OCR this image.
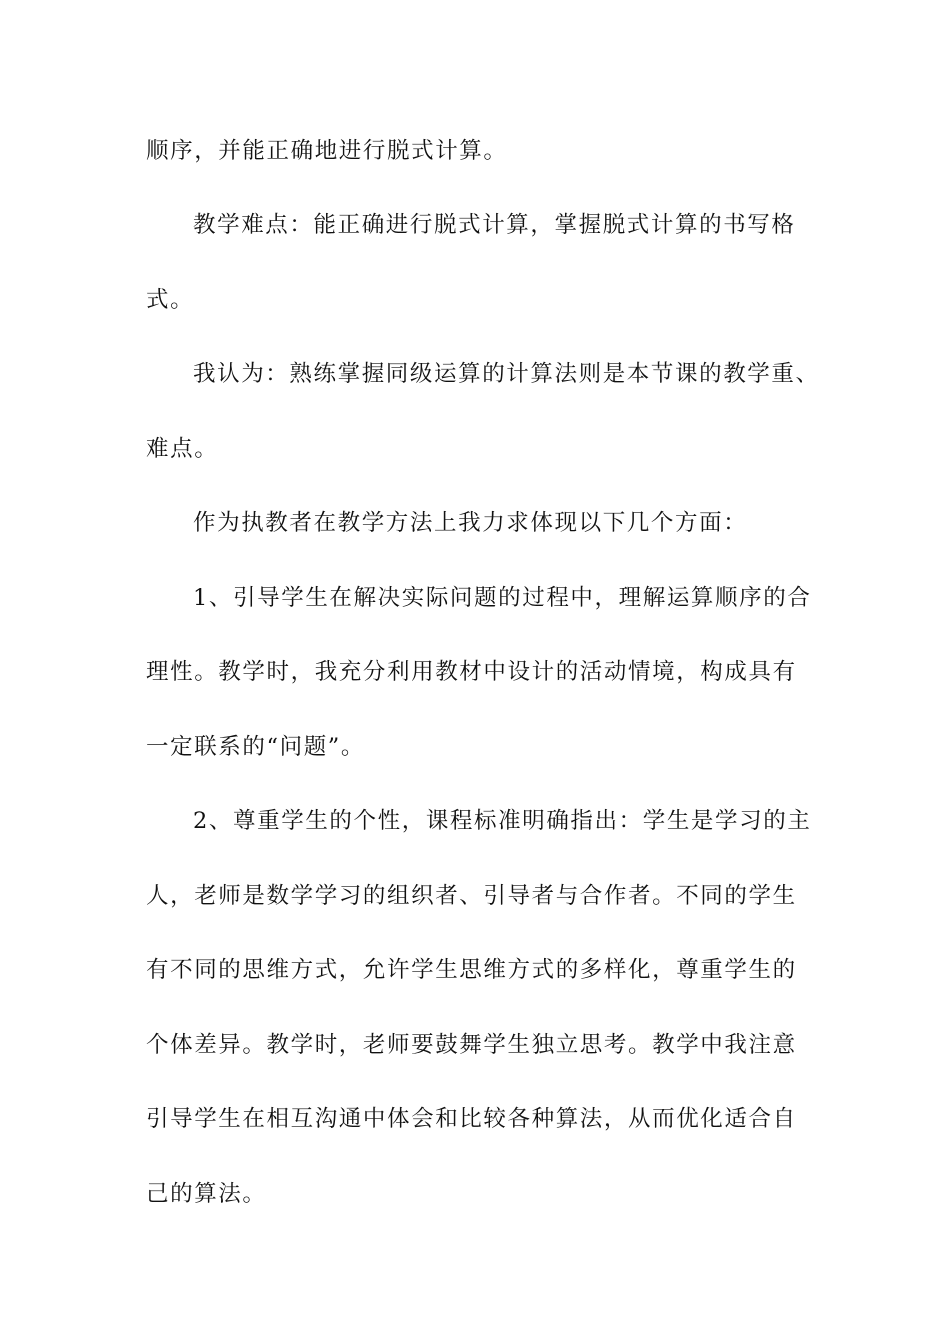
顺序，并能正确地进行脱式计算。
教学难点：能正确进行脱式计算，掌握脱式计算的书写格
式。
我认为：熟练掌握同级运算的计算法则是本节课的教学重、
难点。
作为执教者在教学方法上我力求体现以下几个方面：
1、引导学生在解决实际问题的过程中，理解运算顺序的合
理性。教学时，我充分利用教材中设计的活动情境，构成具有
一定联系的“问题”。
2、尊重学生的个性，课程标准明确指出：学生是学习的主
人，老师是数学学习的组织者、引导者与合作者。不同的学生
有不同的思维方式，允许学生思维方式的多样化，尊重学生的
个体差异。教学时，老师要鼓舞学生独立思考。教学中我注意
引导学生在相互沟通中体会和比较各种算法，从而优化适合自
己的算法。
